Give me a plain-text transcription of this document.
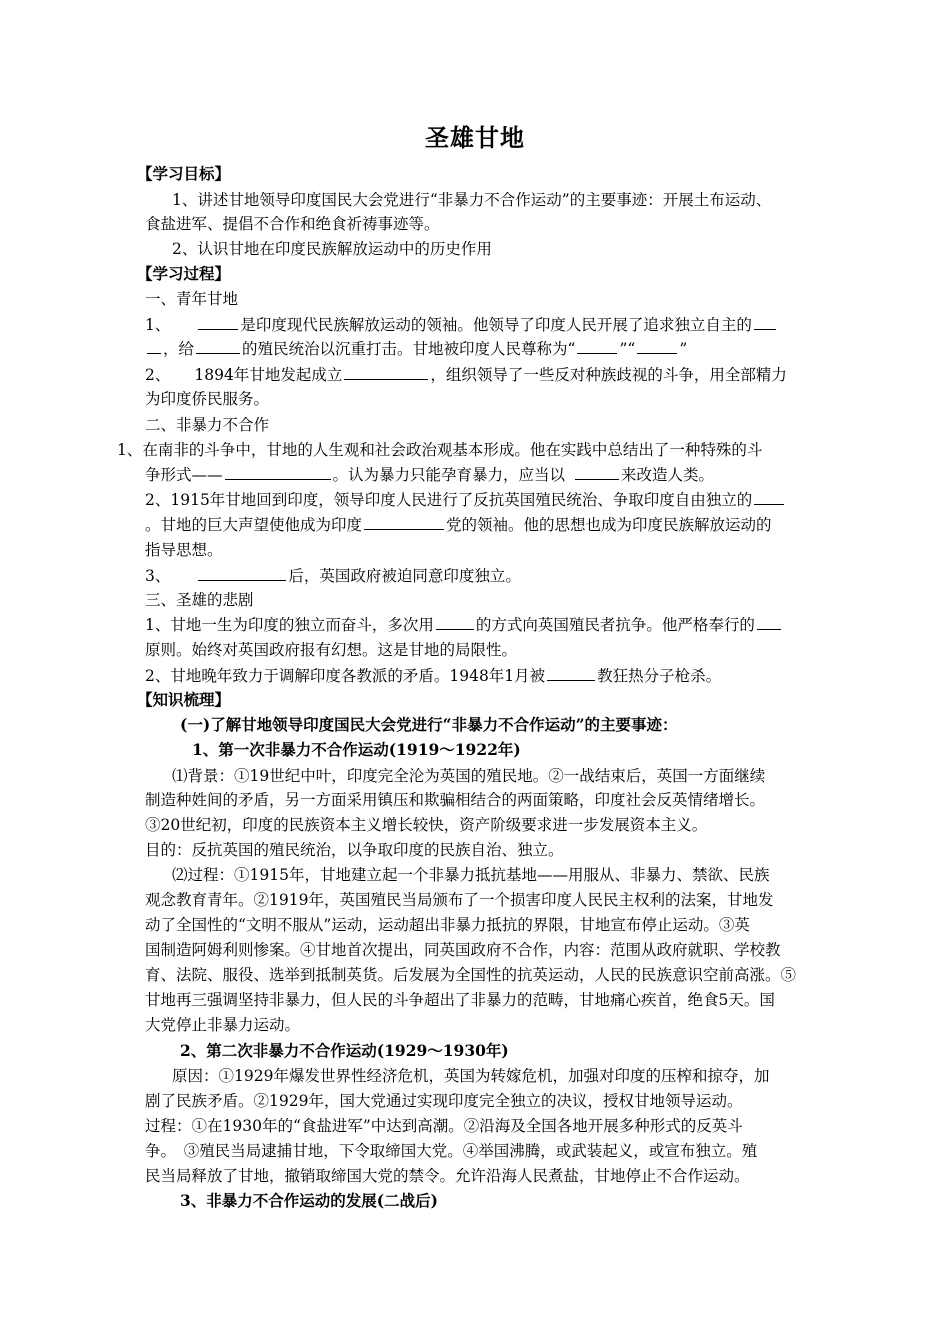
圣雄甘地
【学习目标】
1、讲述甘地领导印度国民大会党进行“非暴力不合作运动”的主要事迹：开展土布运动、
食盐进军、提倡不合作和绝食祈祷事迹等。
2、认识甘地在印度民族解放运动中的历史作用
【学习过程】
一、青年甘地
1、	是印度现代民族解放运动的领袖。他领导了印度人民开展了追求独立自主的
，给	的殖民统治以沉重打击。甘地被印度人民尊称为“	”“	”
2、 1894年甘地发起成立	，组织领导了一些反对种族歧视的斗争，用全部精力
为印度侨民服务。
二、非暴力不合作
1、在南非的斗争中，甘地的人生观和社会政治观基本形成。他在实践中总结出了一种特殊的斗
争形式——	。认为暴力只能孕育暴力，应当以	来改造人类。
2、1915年甘地回到印度，领导印度人民进行了反抗英国殖民统治、争取印度自由独立的
。甘地的巨大声望使他成为印度	党的领袖。他的思想也成为印度民族解放运动的
指导思想。
3、	后，英国政府被迫同意印度独立。
三、圣雄的悲剧
1、甘地一生为印度的独立而奋斗，多次用	的方式向英国殖民者抗争。他严格奉行的
原则。始终对英国政府报有幻想。这是甘地的局限性。
2、甘地晚年致力于调解印度各教派的矛盾。1948年1月被	教狂热分子枪杀。
【知识梳理】
(一)了解甘地领导印度国民大会党进行“非暴力不合作运动”的主要事迹：
1、第一次非暴力不合作运动(1919～1922年)
⑴背景：①19世纪中叶，印度完全沦为英国的殖民地。②一战结束后，英国一方面继续
制造种姓间的矛盾，另一方面采用镇压和欺骗相结合的两面策略，印度社会反英情绪增长。
③20世纪初，印度的民族资本主义增长较快，资产阶级要求进一步发展资本主义。
目的：反抗英国的殖民统治，以争取印度的民族自治、独立。
⑵过程：①1915年，甘地建立起一个非暴力抵抗基地——用服从、非暴力、禁欲、民族
观念教育青年。②1919年，英国殖民当局颁布了一个损害印度人民民主权利的法案，甘地发
动了全国性的“文明不服从”运动，运动超出非暴力抵抗的界限，甘地宣布停止运动。③英
国制造阿姆利则惨案。④甘地首次提出，同英国政府不合作，内容：范围从政府就职、学校教
育、法院、服役、选举到抵制英货。后发展为全国性的抗英运动，人民的民族意识空前高涨。⑤
甘地再三强调坚持非暴力，但人民的斗争超出了非暴力的范畴，甘地痛心疾首，绝食5天。国
大党停止非暴力运动。
2、第二次非暴力不合作运动(1929～1930年)
原因：①1929年爆发世界性经济危机，英国为转嫁危机，加强对印度的压榨和掠夺，加
剧了民族矛盾。②1929年，国大党通过实现印度完全独立的决议，授权甘地领导运动。
过程：①在1930年的“食盐进军”中达到高潮。②沿海及全国各地开展多种形式的反英斗
争。　③殖民当局逮捕甘地，下令取缔国大党。④举国沸腾，或武装起义，或宣布独立。殖
民当局释放了甘地，撤销取缔国大党的禁令。允许沿海人民煮盐，甘地停止不合作运动。
3、非暴力不合作运动的发展(二战后)
